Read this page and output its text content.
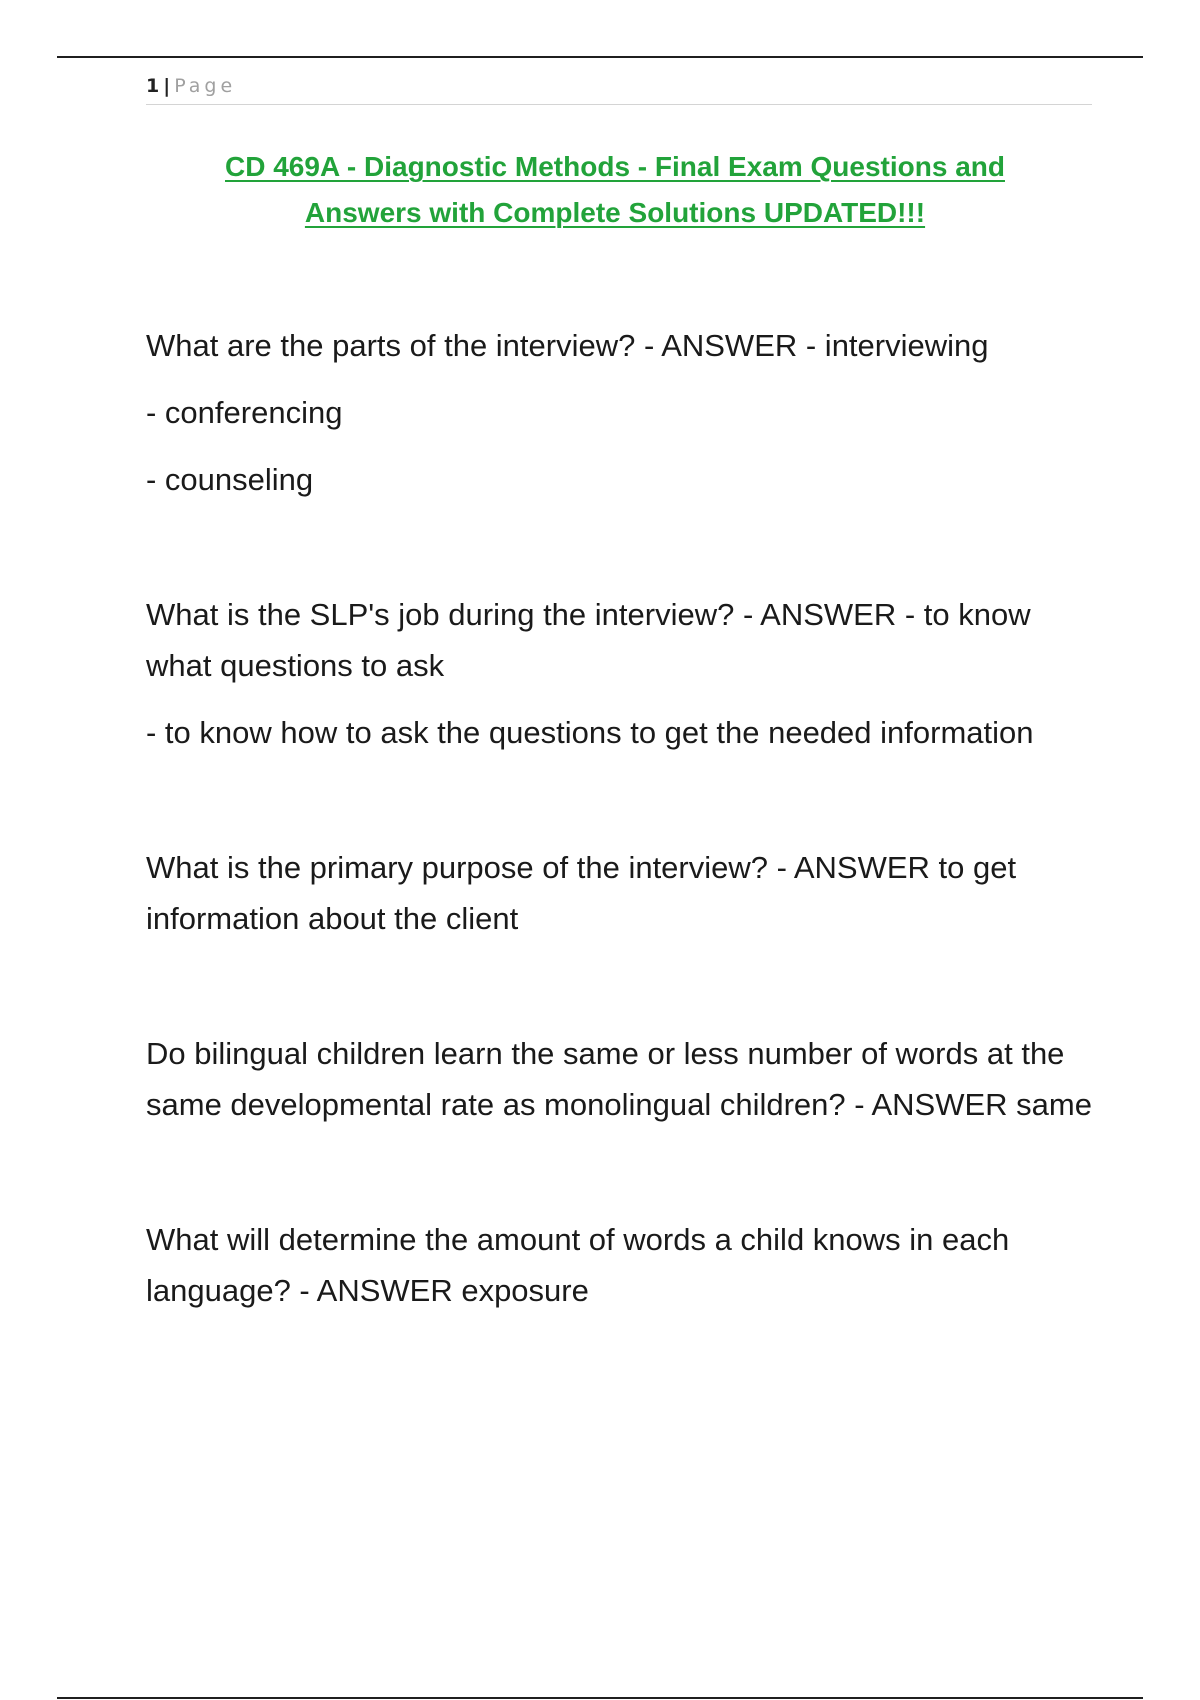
1 | Page
CD 469A - Diagnostic Methods - Final Exam Questions and
Answers with Complete Solutions UPDATED!!!

What are the parts of the interview? - ANSWER - interviewing

- conferencing

- counseling

What is the SLP's job during the interview? - ANSWER - to know what questions to ask

- to know how to ask the questions to get the needed information

What is the primary purpose of the interview? - ANSWER to get information about the client

Do bilingual children learn the same or less number of words at the same developmental rate as monolingual children? - ANSWER same

What will determine the amount of words a child knows in each language? - ANSWER exposure
